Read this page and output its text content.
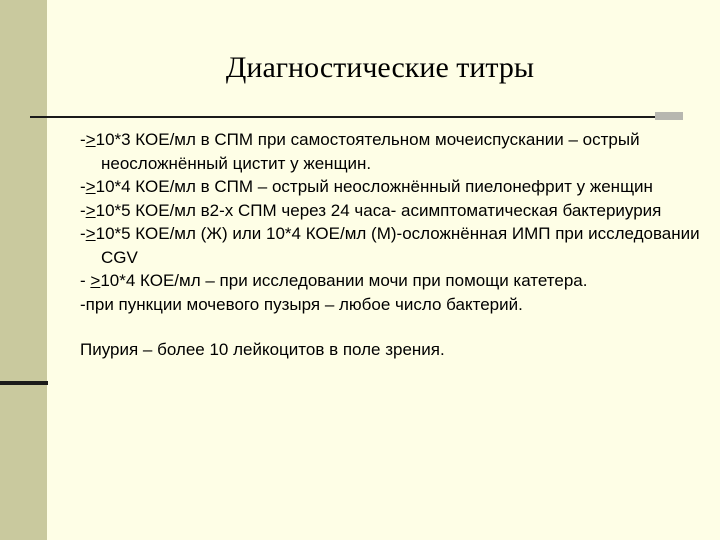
Диагностические титры

-≥10*3 КОЕ/мл в СПМ при самостоятельном мочеиспускании – острый неосложнённый цистит у женщин.

-≥10*4 КОЕ/мл в СПМ – острый неосложнённый пиелонефрит у женщин

-≥10*5 КОЕ/мл в2-х СПМ через 24 часа- асимптоматическая бактериурия

-≥10*5 КОЕ/мл (Ж) или 10*4 КОЕ/мл (М)-осложнённая ИМП при исследовании CGV

- ≥10*4 КОЕ/мл – при исследовании мочи при помощи катетера.

-при пункции мочевого пузыря – любое число бактерий.

Пиурия – более 10 лейкоцитов в поле зрения.
